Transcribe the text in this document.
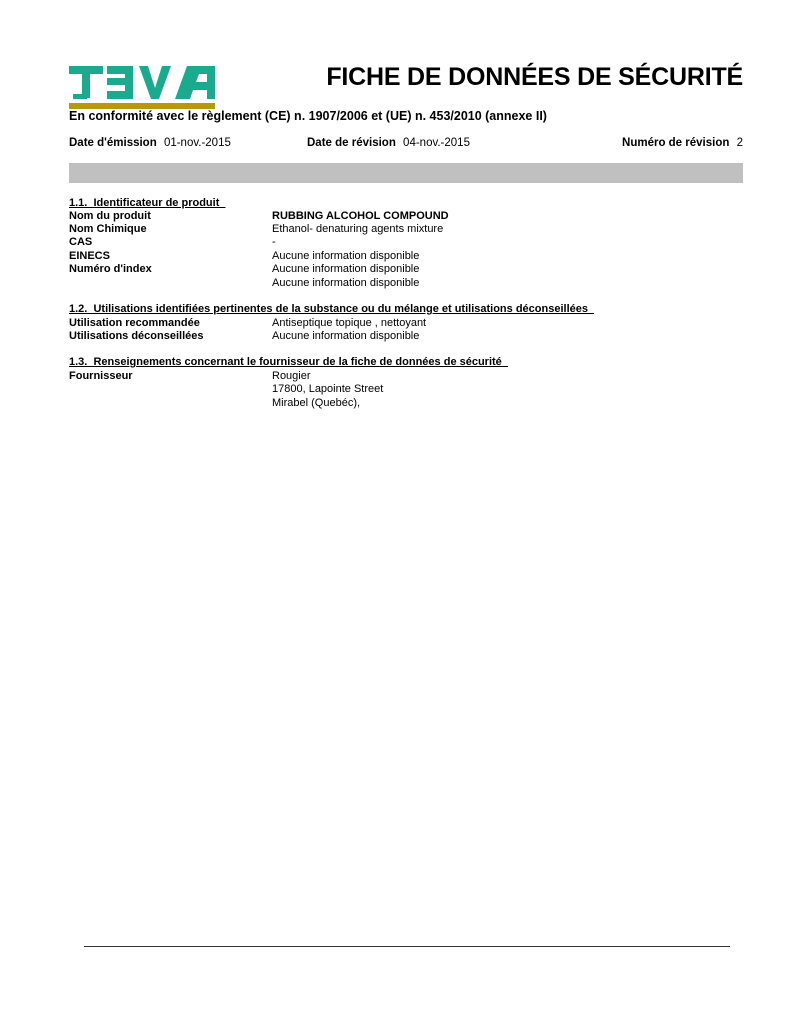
FICHE DE DONNÉES DE SÉCURITÉ
En conformité avec le règlement (CE) n. 1907/2006 et (UE) n. 453/2010 (annexe II)
Date d'émission 01-nov.-2015	Date de révision 04-nov.-2015	Numéro de révision 2
1.1.  Identificateur de produit
Nom du produit	RUBBING ALCOHOL COMPOUND
Nom Chimique	Ethanol- denaturing agents mixture
CAS	-
EINECS	Aucune information disponible
Numéro d'index	Aucune information disponible
Aucune information disponible
1.2.  Utilisations identifiées pertinentes de la substance ou du mélange et utilisations déconseillées
Utilisation recommandée	Antiseptique topique , nettoyant
Utilisations déconseillées	Aucune information disponible
1.3.  Renseignements concernant le fournisseur de la fiche de données de sécurité
Fournisseur	Rougier
17800, Lapointe Street
Mirabel (Quebéc),
